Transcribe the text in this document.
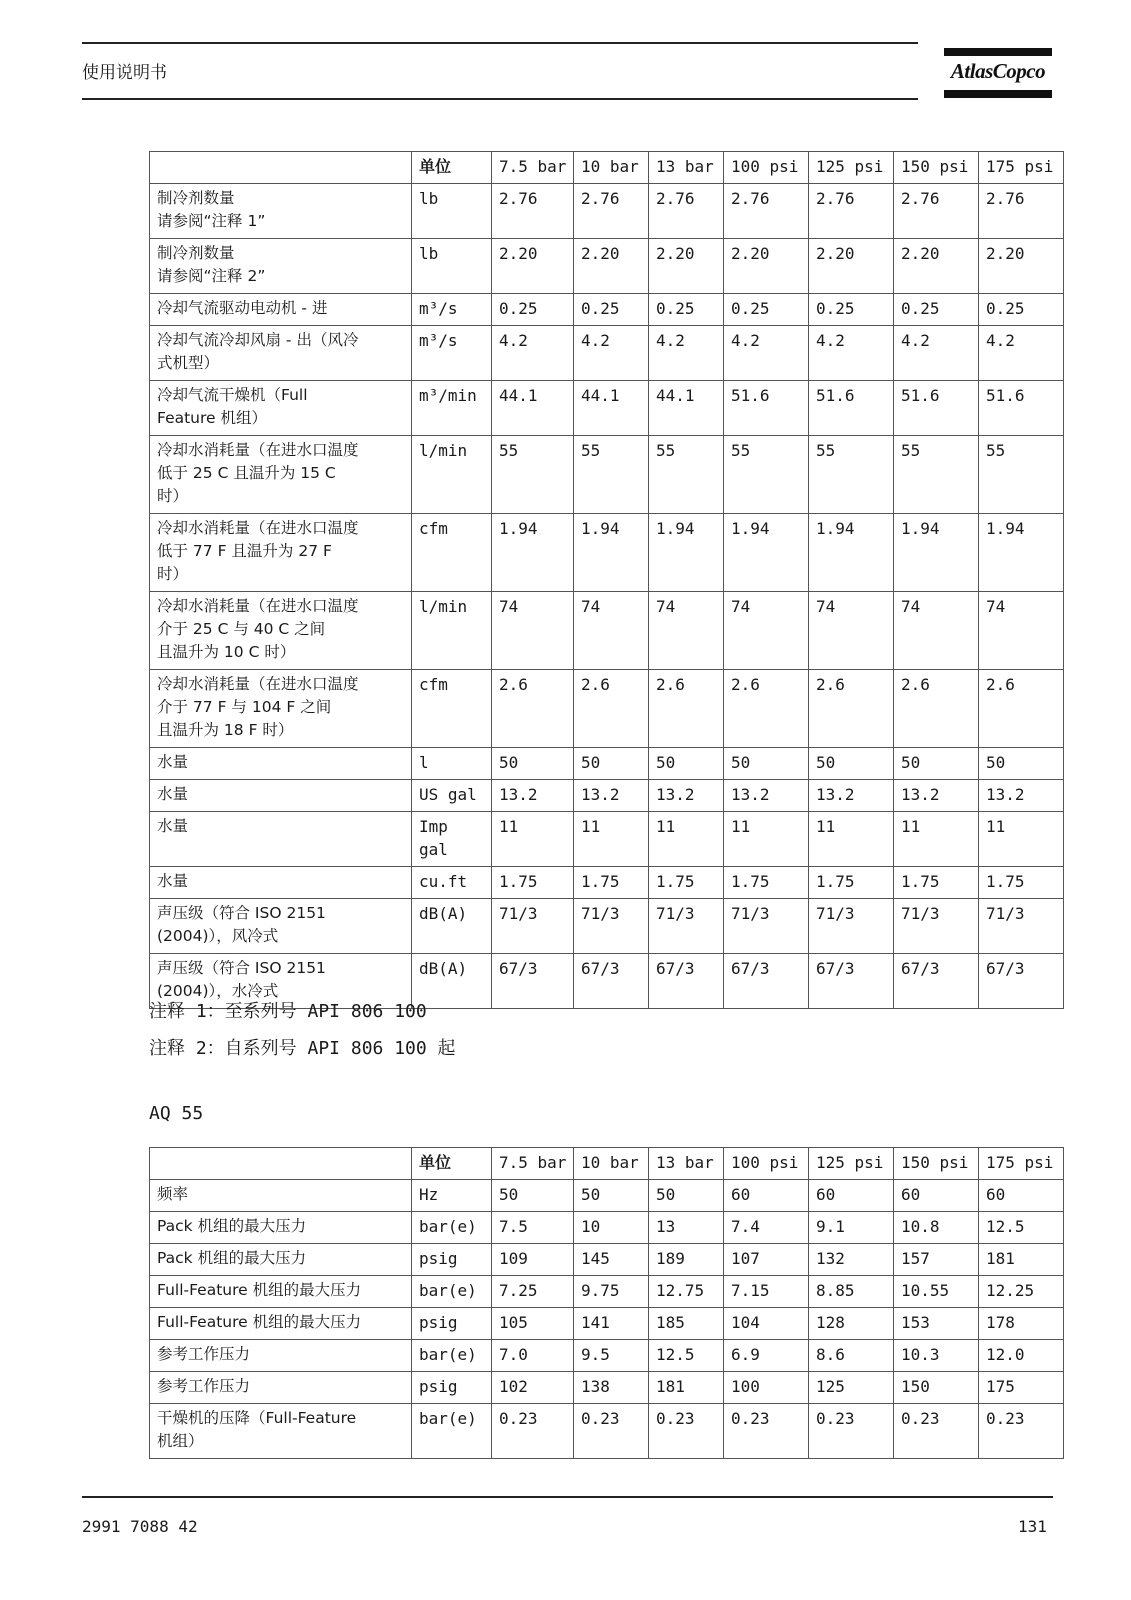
使用说明书	AtlasCopco
	单位	7.5 bar	10 bar	13 bar	100 psi	125 psi	150 psi	175 psi
制冷剂数量
请参阅“注释 1”	lb	2.76	2.76	2.76	2.76	2.76	2.76	2.76
制冷剂数量
请参阅“注释 2”	lb	2.20	2.20	2.20	2.20	2.20	2.20	2.20
冷却气流驱动电动机 - 进	m³/s	0.25	0.25	0.25	0.25	0.25	0.25	0.25
冷却气流冷却风扇 - 出（风冷
式机型）	m³/s	4.2	4.2	4.2	4.2	4.2	4.2	4.2
冷却气流干燥机（Full
Feature 机组）	m³/min	44.1	44.1	44.1	51.6	51.6	51.6	51.6
冷却水消耗量（在进水口温度
低于 25 C 且温升为 15 C
时）	l/min	55	55	55	55	55	55	55
冷却水消耗量（在进水口温度
低于 77 F 且温升为 27 F
时）	cfm	1.94	1.94	1.94	1.94	1.94	1.94	1.94
冷却水消耗量（在进水口温度
介于 25 C 与 40 C 之间
且温升为 10 C 时）	l/min	74	74	74	74	74	74	74
冷却水消耗量（在进水口温度
介于 77 F 与 104 F 之间
且温升为 18 F 时）	cfm	2.6	2.6	2.6	2.6	2.6	2.6	2.6
水量	l	50	50	50	50	50	50	50
水量	US gal	13.2	13.2	13.2	13.2	13.2	13.2	13.2
水量	Imp gal	11	11	11	11	11	11	11
水量	cu.ft	1.75	1.75	1.75	1.75	1.75	1.75	1.75
声压级（符合 ISO 2151
(2004)），风冷式	dB(A)	71/3	71/3	71/3	71/3	71/3	71/3	71/3
声压级（符合 ISO 2151
(2004)），水冷式	dB(A)	67/3	67/3	67/3	67/3	67/3	67/3	67/3
注释 1：至系列号 API 806 100
注释 2：自系列号 API 806 100 起
AQ 55
	单位	7.5 bar	10 bar	13 bar	100 psi	125 psi	150 psi	175 psi
频率	Hz	50	50	50	60	60	60	60
Pack 机组的最大压力	bar(e)	7.5	10	13	7.4	9.1	10.8	12.5
Pack 机组的最大压力	psig	109	145	189	107	132	157	181
Full-Feature 机组的最大压力	bar(e)	7.25	9.75	12.75	7.15	8.85	10.55	12.25
Full-Feature 机组的最大压力	psig	105	141	185	104	128	153	178
参考工作压力	bar(e)	7.0	9.5	12.5	6.9	8.6	10.3	12.0
参考工作压力	psig	102	138	181	100	125	150	175
干燥机的压降（Full-Feature
机组）	bar(e)	0.23	0.23	0.23	0.23	0.23	0.23	0.23
2991 7088 42	131
